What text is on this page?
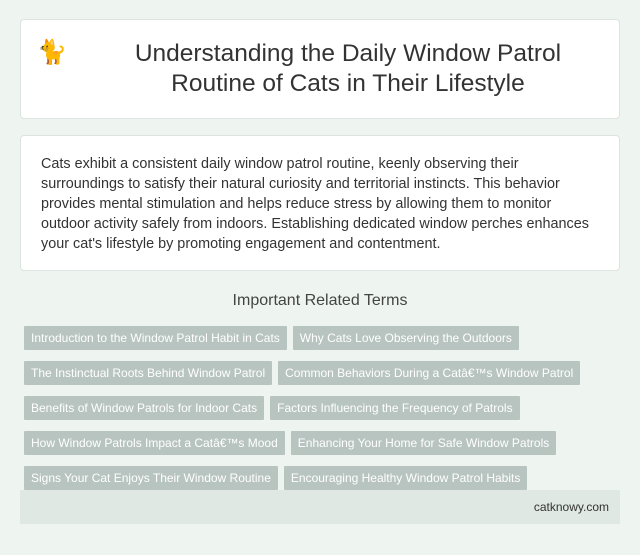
🐈	Understanding the Daily Window Patrol Routine of Cats in Their Lifestyle

Cats exhibit a consistent daily window patrol routine, keenly observing their surroundings to satisfy their natural curiosity and territorial instincts. This behavior provides mental stimulation and helps reduce stress by allowing them to monitor outdoor activity safely from indoors. Establishing dedicated window perches enhances your cat's lifestyle by promoting engagement and contentment.

Important Related Terms
Introduction to the Window Patrol Habit in Cats	Why Cats Love Observing the Outdoors
The Instinctual Roots Behind Window Patrol	Common Behaviors During a Catâ€™s Window Patrol
Benefits of Window Patrols for Indoor Cats	Factors Influencing the Frequency of Patrols
How Window Patrols Impact a Catâ€™s Mood	Enhancing Your Home for Safe Window Patrols
Signs Your Cat Enjoys Their Window Routine	Encouraging Healthy Window Patrol Habits
catknowy.com
